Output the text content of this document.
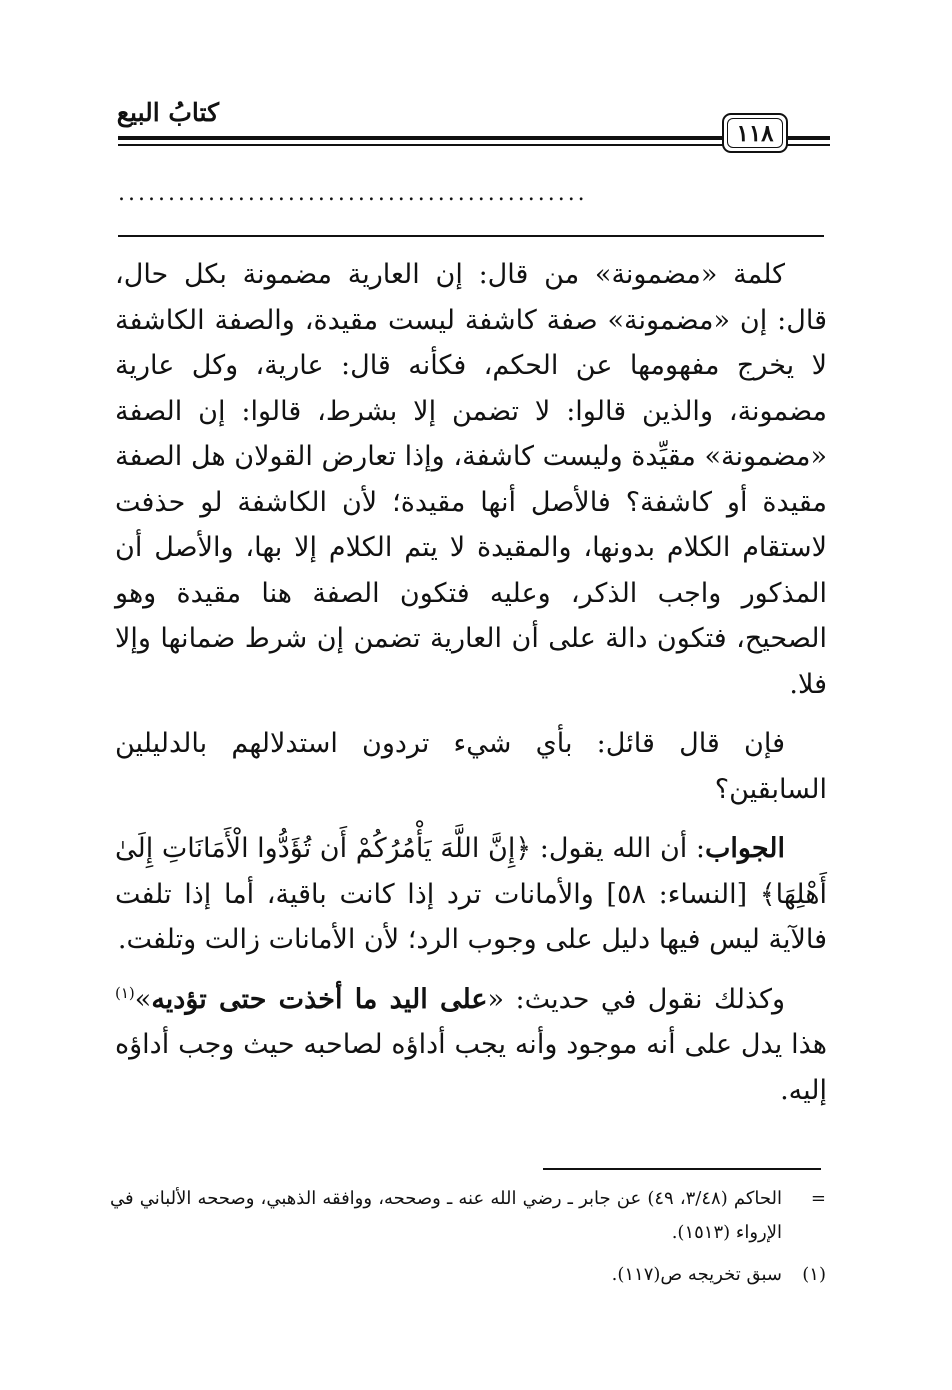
كتابُ البيع
١١٨
...............................................

كلمة «مضمونة» من قال: إن العارية مضمونة بكل حال، قال: إن «مضمونة» صفة كاشفة ليست مقيدة، والصفة الكاشفة لا يخرج مفهومها عن الحكم، فكأنه قال: عارية، وكل عارية مضمونة، والذين قالوا: لا تضمن إلا بشرط، قالوا: إن الصفة «مضمونة» مقيِّدة وليست كاشفة، وإذا تعارض القولان هل الصفة مقيدة أو كاشفة؟ فالأصل أنها مقيدة؛ لأن الكاشفة لو حذفت لاستقام الكلام بدونها، والمقيدة لا يتم الكلام إلا بها، والأصل أن المذكور واجب الذكر، وعليه فتكون الصفة هنا مقيدة وهو الصحيح، فتكون دالة على أن العارية تضمن إن شرط ضمانها وإلا فلا.

فإن قال قائل: بأي شيء تردون استدلالهم بالدليلين السابقين؟

الجواب: أن الله يقول: ﴿إِنَّ اللَّهَ يَأْمُرُكُمْ أَن تُؤَدُّوا الْأَمَانَاتِ إِلَىٰ أَهْلِهَا﴾ [النساء: ٥٨] والأمانات ترد إذا كانت باقية، أما إذا تلفت فالآية ليس فيها دليل على وجوب الرد؛ لأن الأمانات زالت وتلفت.

وكذلك نقول في حديث: «على اليد ما أخذت حتى تؤديه»$^{(١)}$ هذا يدل على أنه موجود وأنه يجب أداؤه لصاحبه حيث وجب أداؤه إليه.

=
الحاكم (٣/٤٨، ٤٩) عن جابر ـ رضي الله عنه ـ وصححه، ووافقه الذهبي، وصححه الألباني في الإرواء (١٥١٣).
(١)
سبق تخريجه ص(١١٧).
